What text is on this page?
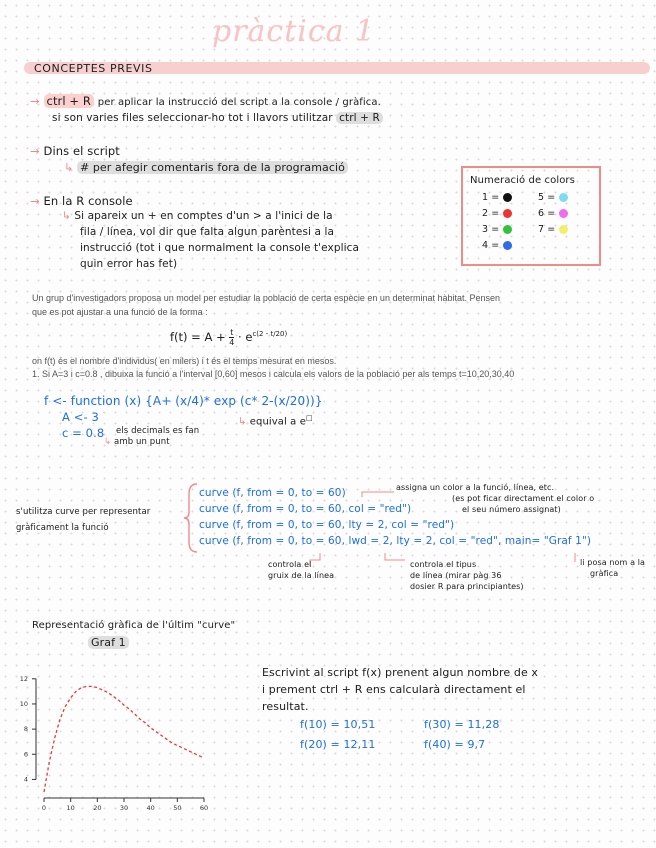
pràctica 1
CONCEPTES PREVIS
→ ctrl + R per aplicar la instrucció del script a la console / gràfica.
si son varies files seleccionar-ho tot i llavors utilitzar ctrl + R
→ Dins el script
↳ # per afegir comentaris fora de la programació
→ En la R console
↳ Si apareix un + en comptes d'un > a l'inici de la
fila / línea, vol dir que falta algun parèntesi a la
instrucció (tot i que normalment la console t'explica
quin error has fet)
Numeració de colors
1 =
2 =
3 =
4 =
5 =
6 =
7 =
Un grup d'investigadors proposa un model per estudiar la població de certa espècie en un determinat hàbitat. Pensen
que es pot ajustar a una funció de la forma :
$f(t) = A + \frac{t}{4} \cdot e^{c(2 - t/20)}$
on f(t) és el nombre d'individus( en milers) i t és el temps mesurat en mesos.
1. Si A=3 i c=0.8 , dibuixa la funció a l'interval [0,60] mesos i calcula els valors de la població per als temps t=10,20,30,40
f <- function (x) {A+ (x/4)* exp (c* 2-(x/20))}
A <- 3
c = 0.8 els decimals es fan
↳ amb un punt
↳ equival a e□
s'utilitza curve per representar
gràficament la funció
curve (f, from = 0, to = 60)
curve (f, from = 0, to = 60, col = "red")
curve (f, from = 0, to = 60, lty = 2, col = "red")
curve (f, from = 0, to = 60, lwd = 2, lty = 2, col = "red", main= "Graf 1")
assigna un color a la funció, línea, etc.
(es pot ficar directament el color o
el seu número assignat)
controla el
gruix de la línea
controla el tipus
de línea (mirar pàg 36
dosier R para principiantes)
li posa nom a la
gràfica
Representació gràfica de l'últim "curve"
Graf 1
4
6
8
10
12
0	10	20	30	40	50	60
Escrivint al script f(x) prenent algun nombre de x
i prement ctrl + R ens calcularà directament el
resultat.
f(10) = 10,51
f(20) = 12,11
f(30) = 11,28
f(40) = 9,7
